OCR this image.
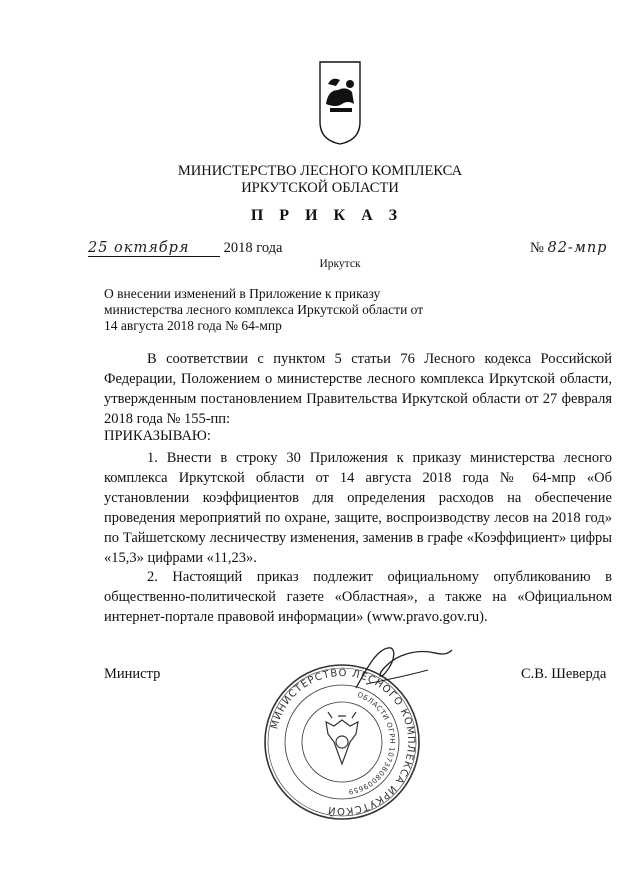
МИНИСТЕРСТВО ЛЕСНОГО КОМПЛЕКСА
ИРКУТСКОЙ ОБЛАСТИ
П Р И К А З
25 октября 2018 года	№ 82-мпр
Иркутск
О внесении изменений в Приложение к приказу министерства лесного комплекса Иркутской области от 14 августа 2018 года № 64-мпр
В соответствии с пунктом 5 статьи 76 Лесного кодекса Российской Федерации, Положением о министерстве лесного комплекса Иркутской области, утвержденным постановлением Правительства Иркутской области от 27 февраля 2018 года № 155-пп:
ПРИКАЗЫВАЮ:
1. Внести в строку 30 Приложения к приказу министерства лесного комплекса Иркутской области от 14 августа 2018 года № 64-мпр «Об установлении коэффициентов для определения расходов на обеспечение проведения мероприятий по охране, защите, воспроизводству лесов на 2018 год» по Тайшетскому лесничеству изменения, заменив в графе «Коэффициент» цифры «15,3» цифрами «11,23».
2. Настоящий приказ подлежит официальному опубликованию в общественно-политической газете «Областная», а также на «Официальном интернет-портале правовой информации» (www.pravo.gov.ru).
Министр	С.В. Шеверда
МИНИСТЕРСТВО ЛЕСНОГО КОМПЛЕКСА ИРКУТСКОЙ
ОБЛАСТИ ОГРН 1073808009659
